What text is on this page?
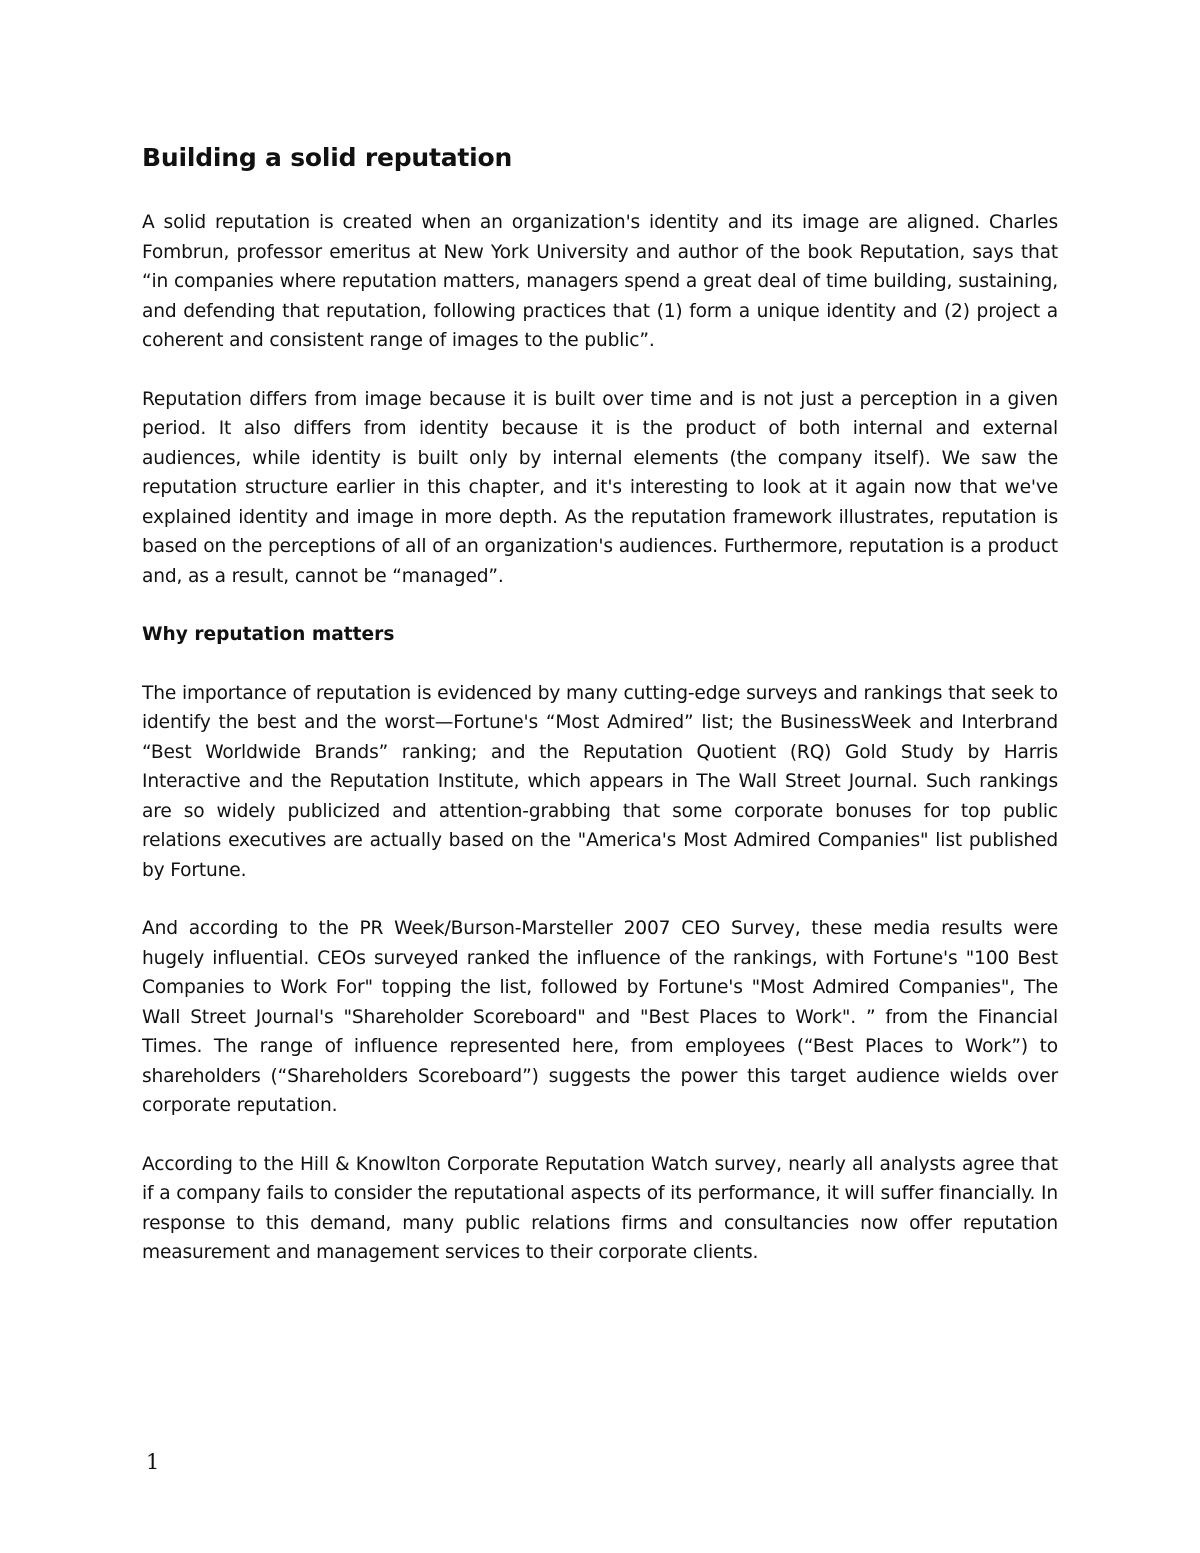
Building a solid reputation

A solid reputation is created when an organization's identity and its image are aligned. Charles Fombrun, professor emeritus at New York University and author of the book Reputation, says that “in companies where reputation matters, managers spend a great deal of time building, sustaining, and defending that reputation, following practices that (1) form a unique identity and (2) project a coherent and consistent range of images to the public”.

Reputation differs from image because it is built over time and is not just a perception in a given period. It also differs from identity because it is the product of both internal and external audiences, while identity is built only by internal elements (the company itself). We saw the reputation structure earlier in this chapter, and it's interesting to look at it again now that we've explained identity and image in more depth. As the reputation framework illustrates, reputation is based on the perceptions of all of an organization's audiences. Furthermore, reputation is a product and, as a result, cannot be “managed”.

Why reputation matters

The importance of reputation is evidenced by many cutting-edge surveys and rankings that seek to identify the best and the worst—Fortune's “Most Admired” list; the BusinessWeek and Interbrand “Best Worldwide Brands” ranking; and the Reputation Quotient (RQ) Gold Study by Harris Interactive and the Reputation Institute, which appears in The Wall Street Journal. Such rankings are so widely publicized and attention-grabbing that some corporate bonuses for top public relations executives are actually based on the "America's Most Admired Companies" list published by Fortune.

And according to the PR Week/Burson-Marsteller 2007 CEO Survey, these media results were hugely influential. CEOs surveyed ranked the influence of the rankings, with Fortune's "100 Best Companies to Work For" topping the list, followed by Fortune's "Most Admired Companies", The Wall Street Journal's "Shareholder Scoreboard" and "Best Places to Work". ” from the Financial Times. The range of influence represented here, from employees (“Best Places to Work”) to shareholders (“Shareholders Scoreboard”) suggests the power this target audience wields over corporate reputation.

According to the Hill & Knowlton Corporate Reputation Watch survey, nearly all analysts agree that if a company fails to consider the reputational aspects of its performance, it will suffer financially. In response to this demand, many public relations firms and consultancies now offer reputation measurement and management services to their corporate clients.

1
